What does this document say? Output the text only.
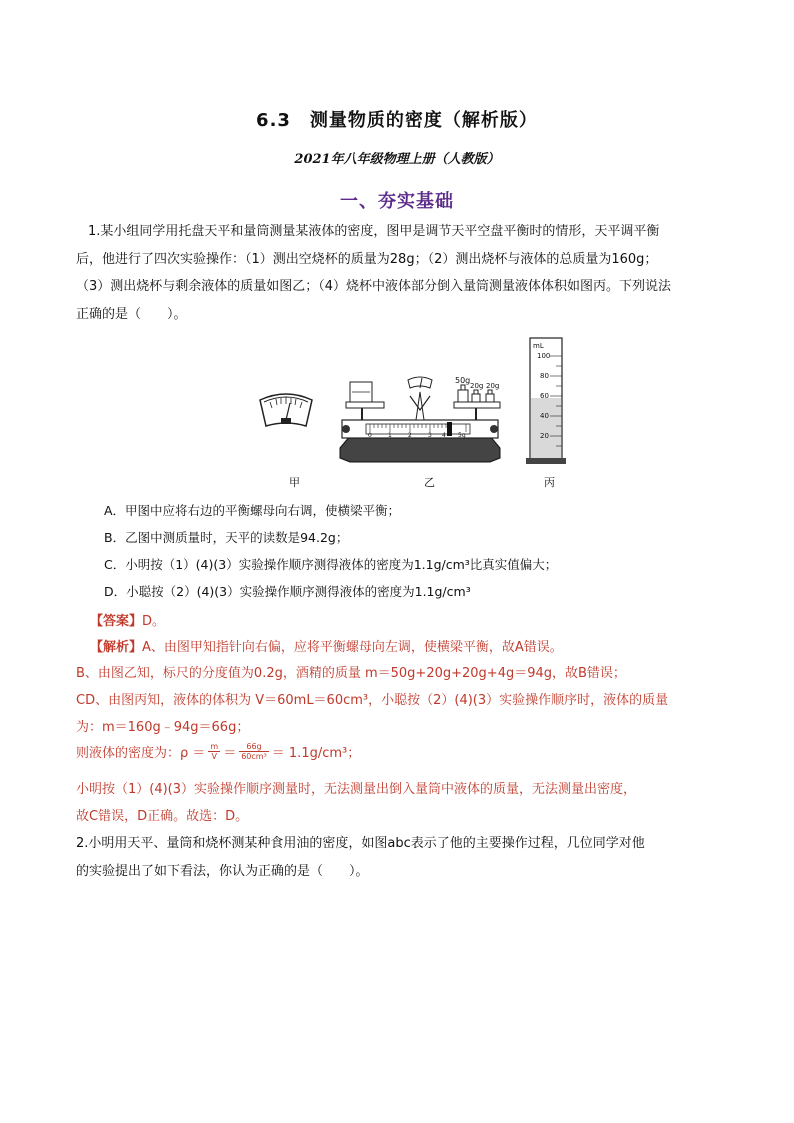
6.3　测量物质的密度（解析版）
2021年八年级物理上册（人教版）
一、夯实基础
1.某小组同学用托盘天平和量筒测量某液体的密度，图甲是调节天平空盘平衡时的情形，天平调平衡
后，他进行了四次实验操作：（1）测出空烧杯的质量为28g；（2）测出烧杯与液体的总质量为160g；
（3）测出烧杯与剩余液体的质量如图乙；（4）烧杯中液体部分倒入量筒测量液体体积如图丙。下列说法
正确的是（　　）。
甲	乙	丙
50g
20g 20g
0	1	2	3 4 5g
mL
100
80
60
40
20
A．甲图中应将右边的平衡螺母向右调，使横梁平衡；
B．乙图中测质量时，天平的读数是94.2g；
C．小明按（1）(4)(3）实验操作顺序测得液体的密度为1.1g/cm³比真实值偏大；
D．小聪按（2）(4)(3）实验操作顺序测得液体的密度为1.1g/cm³
【答案】D。
【解析】A、由图甲知指针向右偏，应将平衡螺母向左调，使横梁平衡，故A错误。
B、由图乙知，标尺的分度值为0.2g，酒精的质量 m＝50g+20g+20g+4g＝94g，故B错误；
CD、由图丙知，液体的体积为 V＝60mL＝60cm³，小聪按（2）(4)(3）实验操作顺序时，液体的质量
为：m＝160g﹣94g＝66g；
则液体的密度为：$\rho = \frac{m}{V} = \frac{66g}{\text{60cm³}} = 1.1g/cm^3$；
小明按（1）(4)(3）实验操作顺序测量时，无法测量出倒入量筒中液体的质量，无法测量出密度，
故C错误，D正确。故选：D。
2.小明用天平、量筒和烧杯测某种食用油的密度，如图abc表示了他的主要操作过程，几位同学对他
的实验提出了如下看法，你认为正确的是（　　）。
